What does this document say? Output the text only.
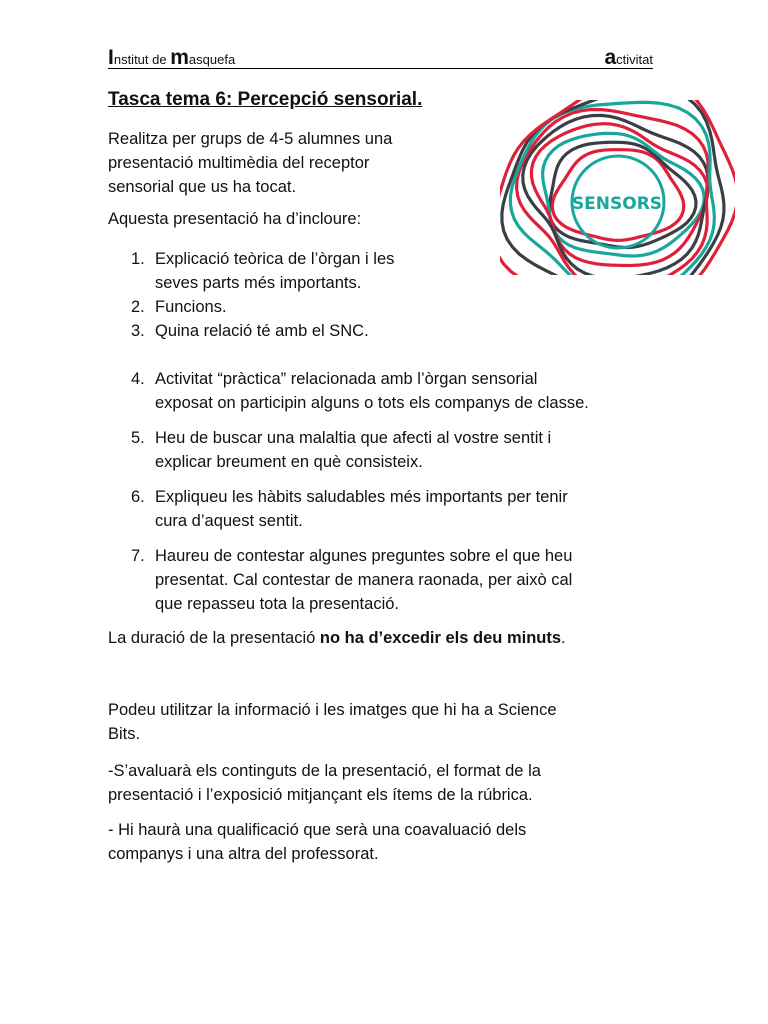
Institut de masquefa	activitat
Tasca tema 6: Percepció sensorial.
Realitza per grups de 4-5 alumnes una
presentació multimèdia del receptor
sensorial que us ha tocat.
Aquesta presentació ha d’incloure:
1. Explicació teòrica de l’òrgan i les
seves parts més importants.
2. Funcions.
3. Quina relació té amb el SNC.
4. Activitat “pràctica” relacionada amb l’òrgan sensorial
exposat on participin alguns o tots els companys de classe.
5. Heu de buscar una malaltia que afecti al vostre sentit i
explicar breument en què consisteix.
6. Expliqueu les hàbits saludables més importants per tenir
cura d’aquest sentit.
7. Haureu de contestar algunes preguntes sobre el que heu
presentat. Cal contestar de manera raonada, per això cal
que repasseu tota la presentació.
La duració de la presentació no ha d’excedir els deu minuts.
Podeu utilitzar la informació i les imatges que hi ha a Science
Bits.
-S’avaluarà els continguts de la presentació, el format de la
presentació i l’exposició mitjançant els ítems de la rúbrica.
- Hi haurà una qualificació que serà una coavaluació dels
companys i una altra del professorat.
SENSORS
